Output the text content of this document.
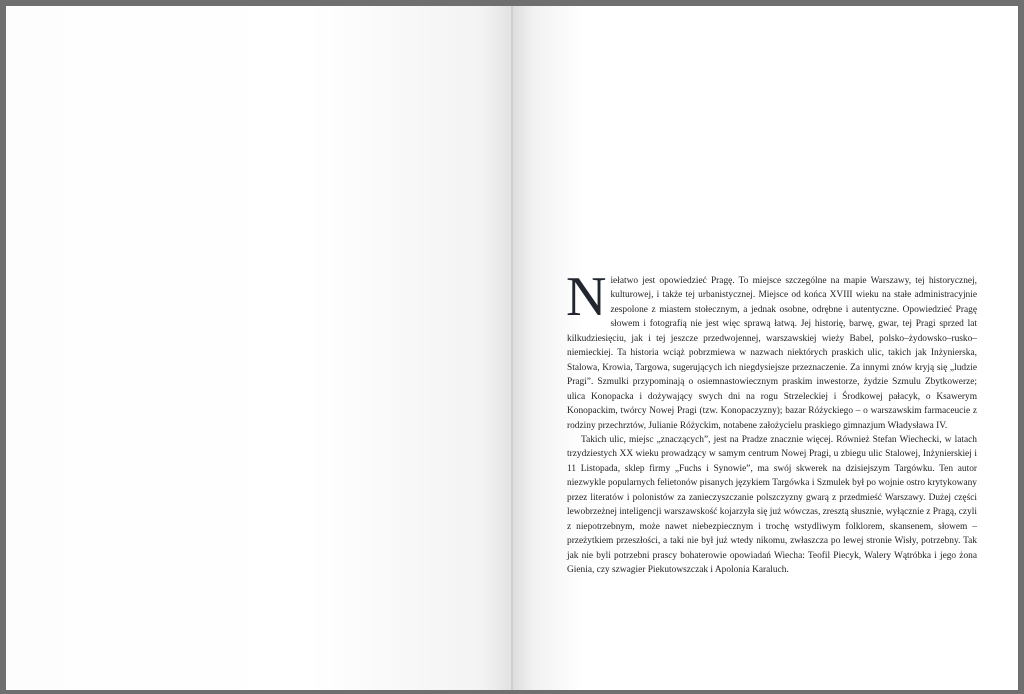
Niełatwo jest opowiedzieć Pragę. To miejsce szczególne na mapie Warszawy, tej historycznej, kulturowej, i także tej urbanistycznej. Miejsce od końca XVIII wieku na stałe administracyjnie zespolone z miastem stołecznym, a jednak osobne, odrębne i autentyczne. Opowiedzieć Pragę słowem i fotografią nie jest więc sprawą łatwą. Jej historię, barwę, gwar, tej Pragi sprzed lat kilkudziesięciu, jak i tej jeszcze przedwojennej, warszawskiej wieży Babel, polsko–żydowsko–rusko–niemieckiej. Ta historia wciąż pobrzmiewa w nazwach niektórych praskich ulic, takich jak Inżynierska, Stalowa, Krowia, Targowa, sugerujących ich niegdysiejsze przeznaczenie. Za innymi znów kryją się „ludzie Pragi”. Szmulki przypominają o osiemnastowiecznym praskim inwestorze, żydzie Szmulu Zbytkowerze; ulica Konopacka i dożywający swych dni na rogu Strzeleckiej i Środkowej pałacyk, o Ksawerym Konopackim, twórcy Nowej Pragi (tzw. Konopaczyzny); bazar Różyckiego – o warszawskim farmaceucie z rodziny przechrztów, Julianie Różyckim, notabene założycielu praskiego gimnazjum Władysława IV.

Takich ulic, miejsc „znaczących”, jest na Pradze znacznie więcej. Również Stefan Wiechecki, w latach trzydziestych XX wieku prowadzący w samym centrum Nowej Pragi, u zbiegu ulic Stalowej, Inżynierskiej i 11 Listopada, sklep firmy „Fuchs i Synowie”, ma swój skwerek na dzisiejszym Targówku. Ten autor niezwykle popularnych felietonów pisanych językiem Targówka i Szmulek był po wojnie ostro krytykowany przez literatów i polonistów za zanieczyszczanie polszczyzny gwarą z przedmieść Warszawy. Dużej części lewobrzeżnej inteligencji warszawskość kojarzyła się już wówczas, zresztą słusznie, wyłącznie z Pragą, czyli z niepotrzebnym, może nawet niebezpiecznym i trochę wstydliwym folklorem, skansenem, słowem – przeżytkiem przeszłości, a taki nie był już wtedy nikomu, zwłaszcza po lewej stronie Wisły, potrzebny. Tak jak nie byli potrzebni prascy bohaterowie opowiadań Wiecha: Teofil Piecyk, Walery Wątróbka i jego żona Gienia, czy szwagier Piekutowszczak i Apolonia Karaluch.
